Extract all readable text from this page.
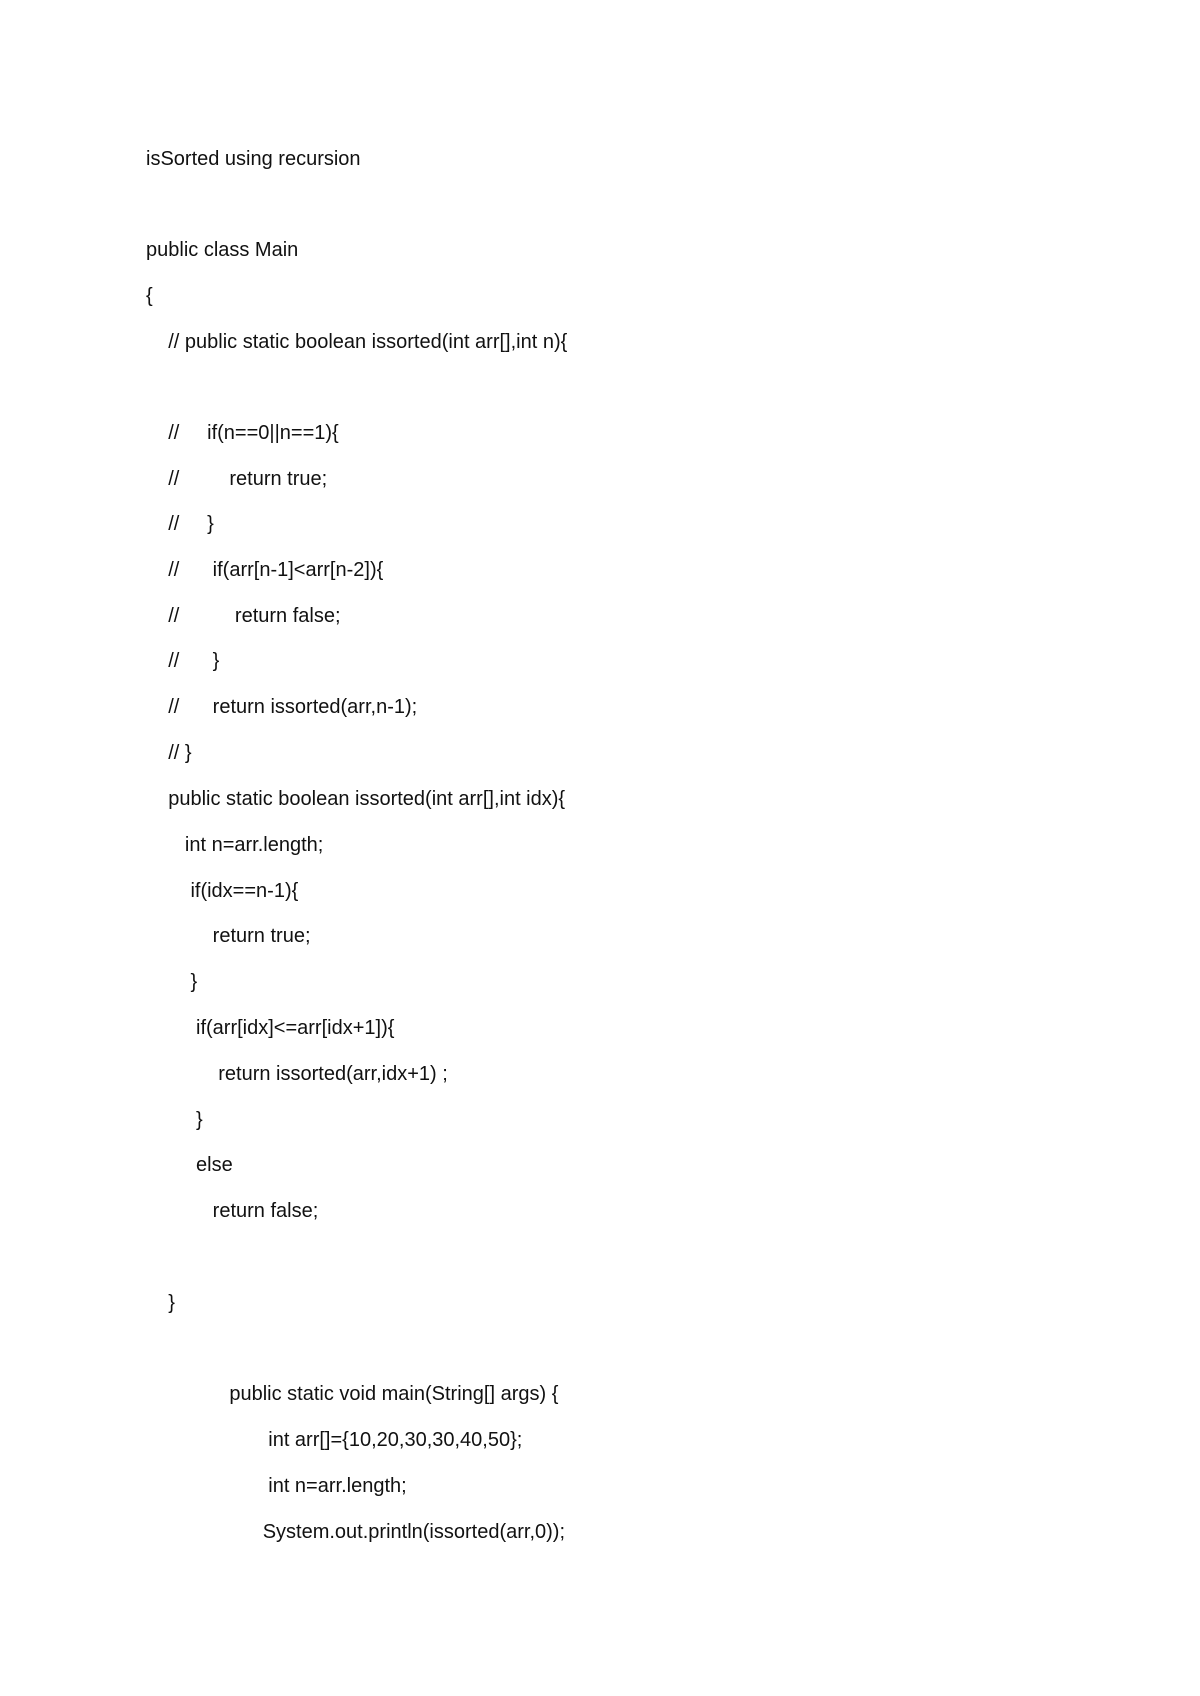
isSorted using recursion
public class Main
{
// public static boolean issorted(int arr[],int n){
//     if(n==0||n==1){
//         return true;
//     }
//      if(arr[n-1]<arr[n-2]){
//          return false;
//      }
//      return issorted(arr,n-1);
// }
public static boolean issorted(int arr[],int idx){
int n=arr.length;
if(idx==n-1){
return true;
}
if(arr[idx]<=arr[idx+1]){
return issorted(arr,idx+1) ;
}
else
return false;
}
public static void main(String[] args) {
int arr[]={10,20,30,30,40,50};
int n=arr.length;
System.out.println(issorted(arr,0));
